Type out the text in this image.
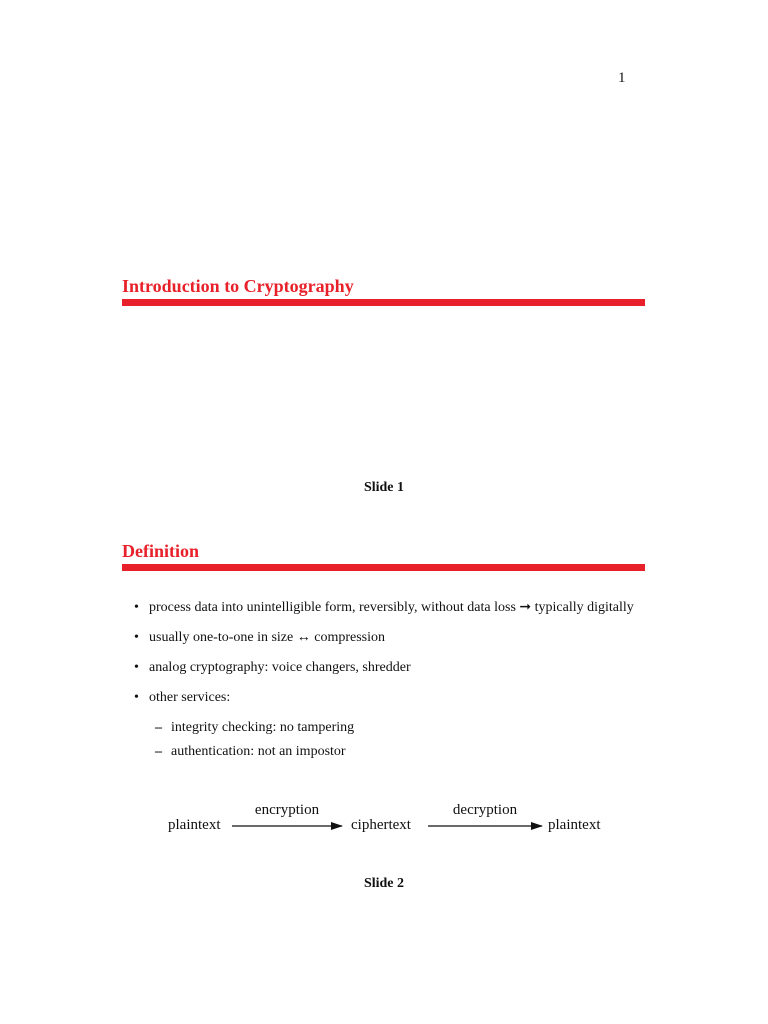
1
Introduction to Cryptography
Slide 1
Definition
• process data into unintelligible form, reversibly, without data loss ➞ typically digitally
• usually one-to-one in size ↔ compression
• analog cryptography: voice changers, shredder
• other services:
– integrity checking: no tampering
– authentication: not an impostor
plaintext
encryption
ciphertext
decryption
plaintext
Slide 2
